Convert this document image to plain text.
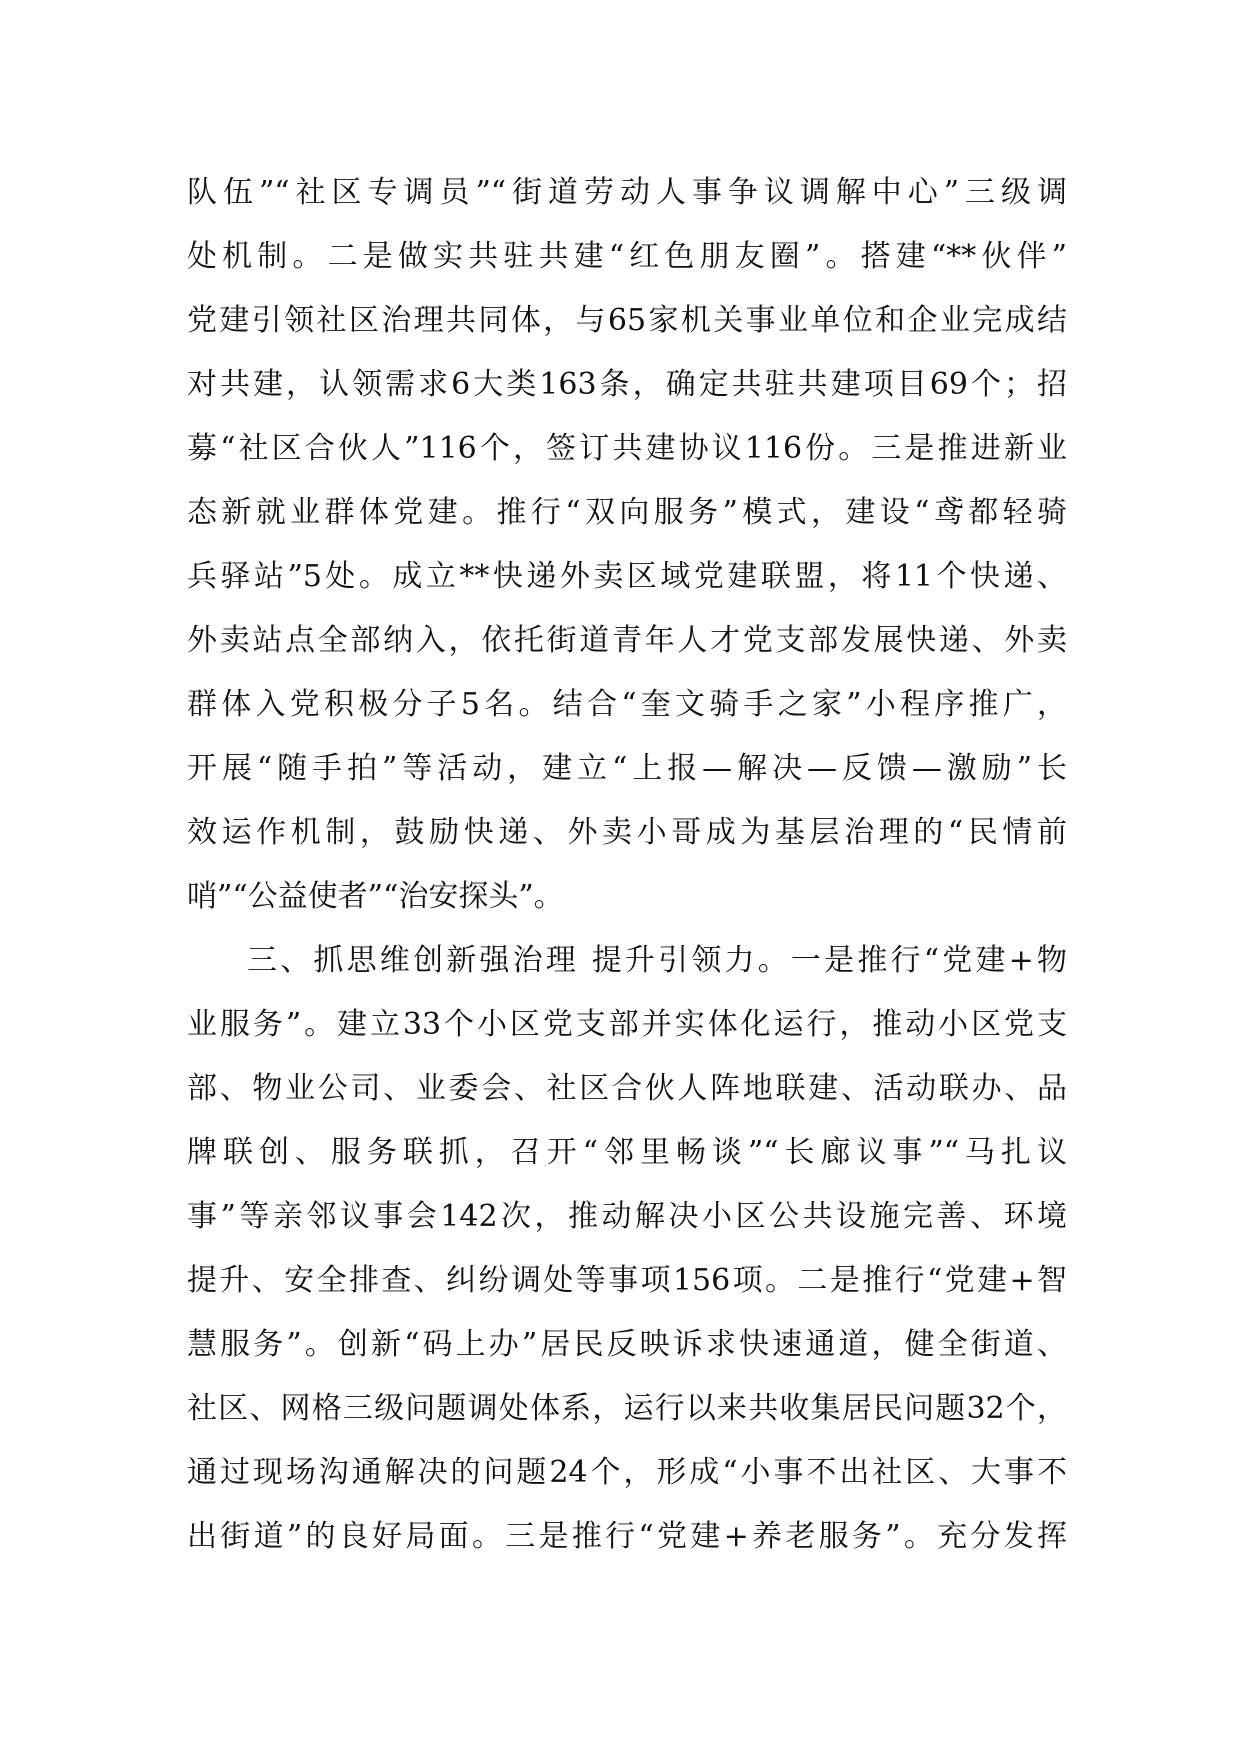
队伍”“社区专调员”“街道劳动人事争议调解中心”三级调
处机制。二是做实共驻共建“红色朋友圈”。搭建“**伙伴”
党建引领社区治理共同体，与65家机关事业单位和企业完成结
对共建，认领需求6大类163条，确定共驻共建项目69个；招
募“社区合伙人”116个，签订共建协议116份。三是推进新业
态新就业群体党建。推行“双向服务”模式，建设“鸢都轻骑
兵驿站”5处。成立**快递外卖区域党建联盟，将11个快递、
外卖站点全部纳入，依托街道青年人才党支部发展快递、外卖
群体入党积极分子5名。结合“奎文骑手之家”小程序推广，
开展“随手拍”等活动，建立“上报—解决—反馈—激励”长
效运作机制，鼓励快递、外卖小哥成为基层治理的“民情前
哨”“公益使者”“治安探头”。
三、抓思维创新强治理 提升引领力。一是推行“党建+物
业服务”。建立33个小区党支部并实体化运行，推动小区党支
部、物业公司、业委会、社区合伙人阵地联建、活动联办、品
牌联创、服务联抓，召开“邻里畅谈”“长廊议事”“马扎议
事”等亲邻议事会142次，推动解决小区公共设施完善、环境
提升、安全排查、纠纷调处等事项156项。二是推行“党建+智
慧服务”。创新“码上办”居民反映诉求快速通道，健全街道、
社区、网格三级问题调处体系，运行以来共收集居民问题32个，
通过现场沟通解决的问题24个，形成“小事不出社区、大事不
出街道”的良好局面。三是推行“党建+养老服务”。充分发挥
